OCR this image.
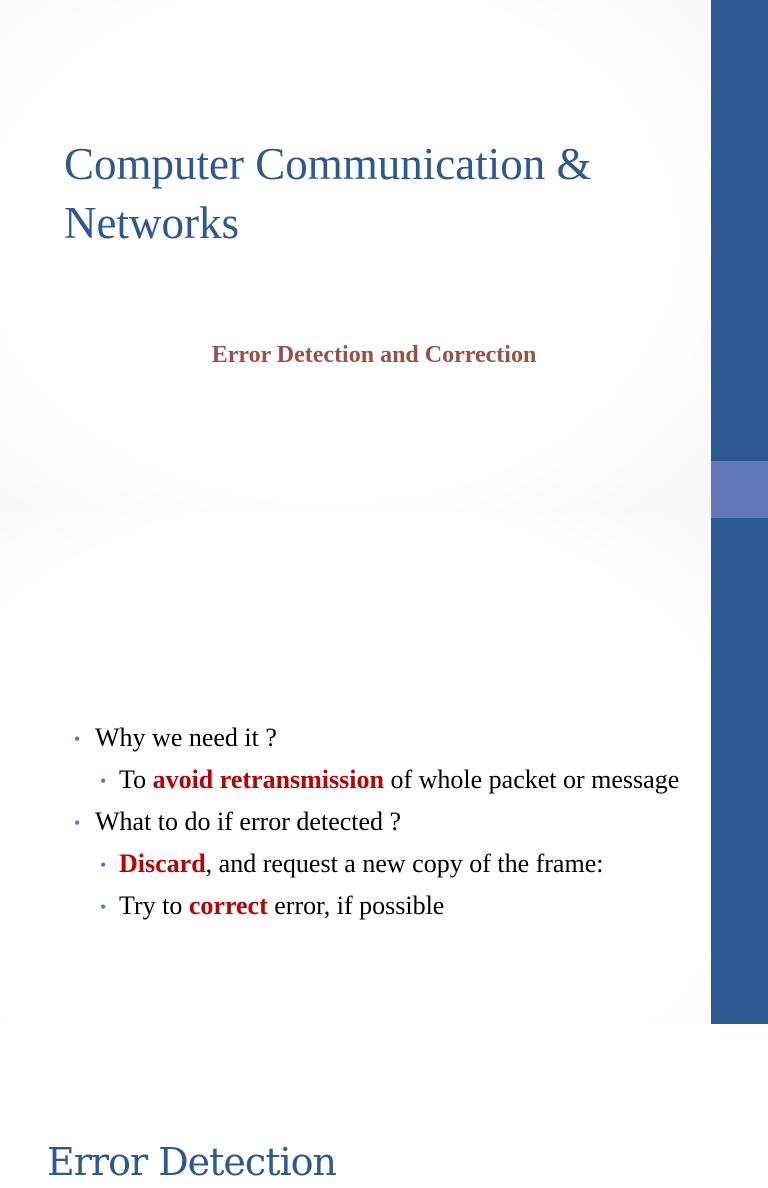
Computer Communication &
Networks

Error Detection and Correction

Error Detection
• Why we need it ?
• To avoid retransmission of whole packet or message
• What to do if error detected ?
• Discard, and request a new copy of the frame:
• Try to correct error, if possible
